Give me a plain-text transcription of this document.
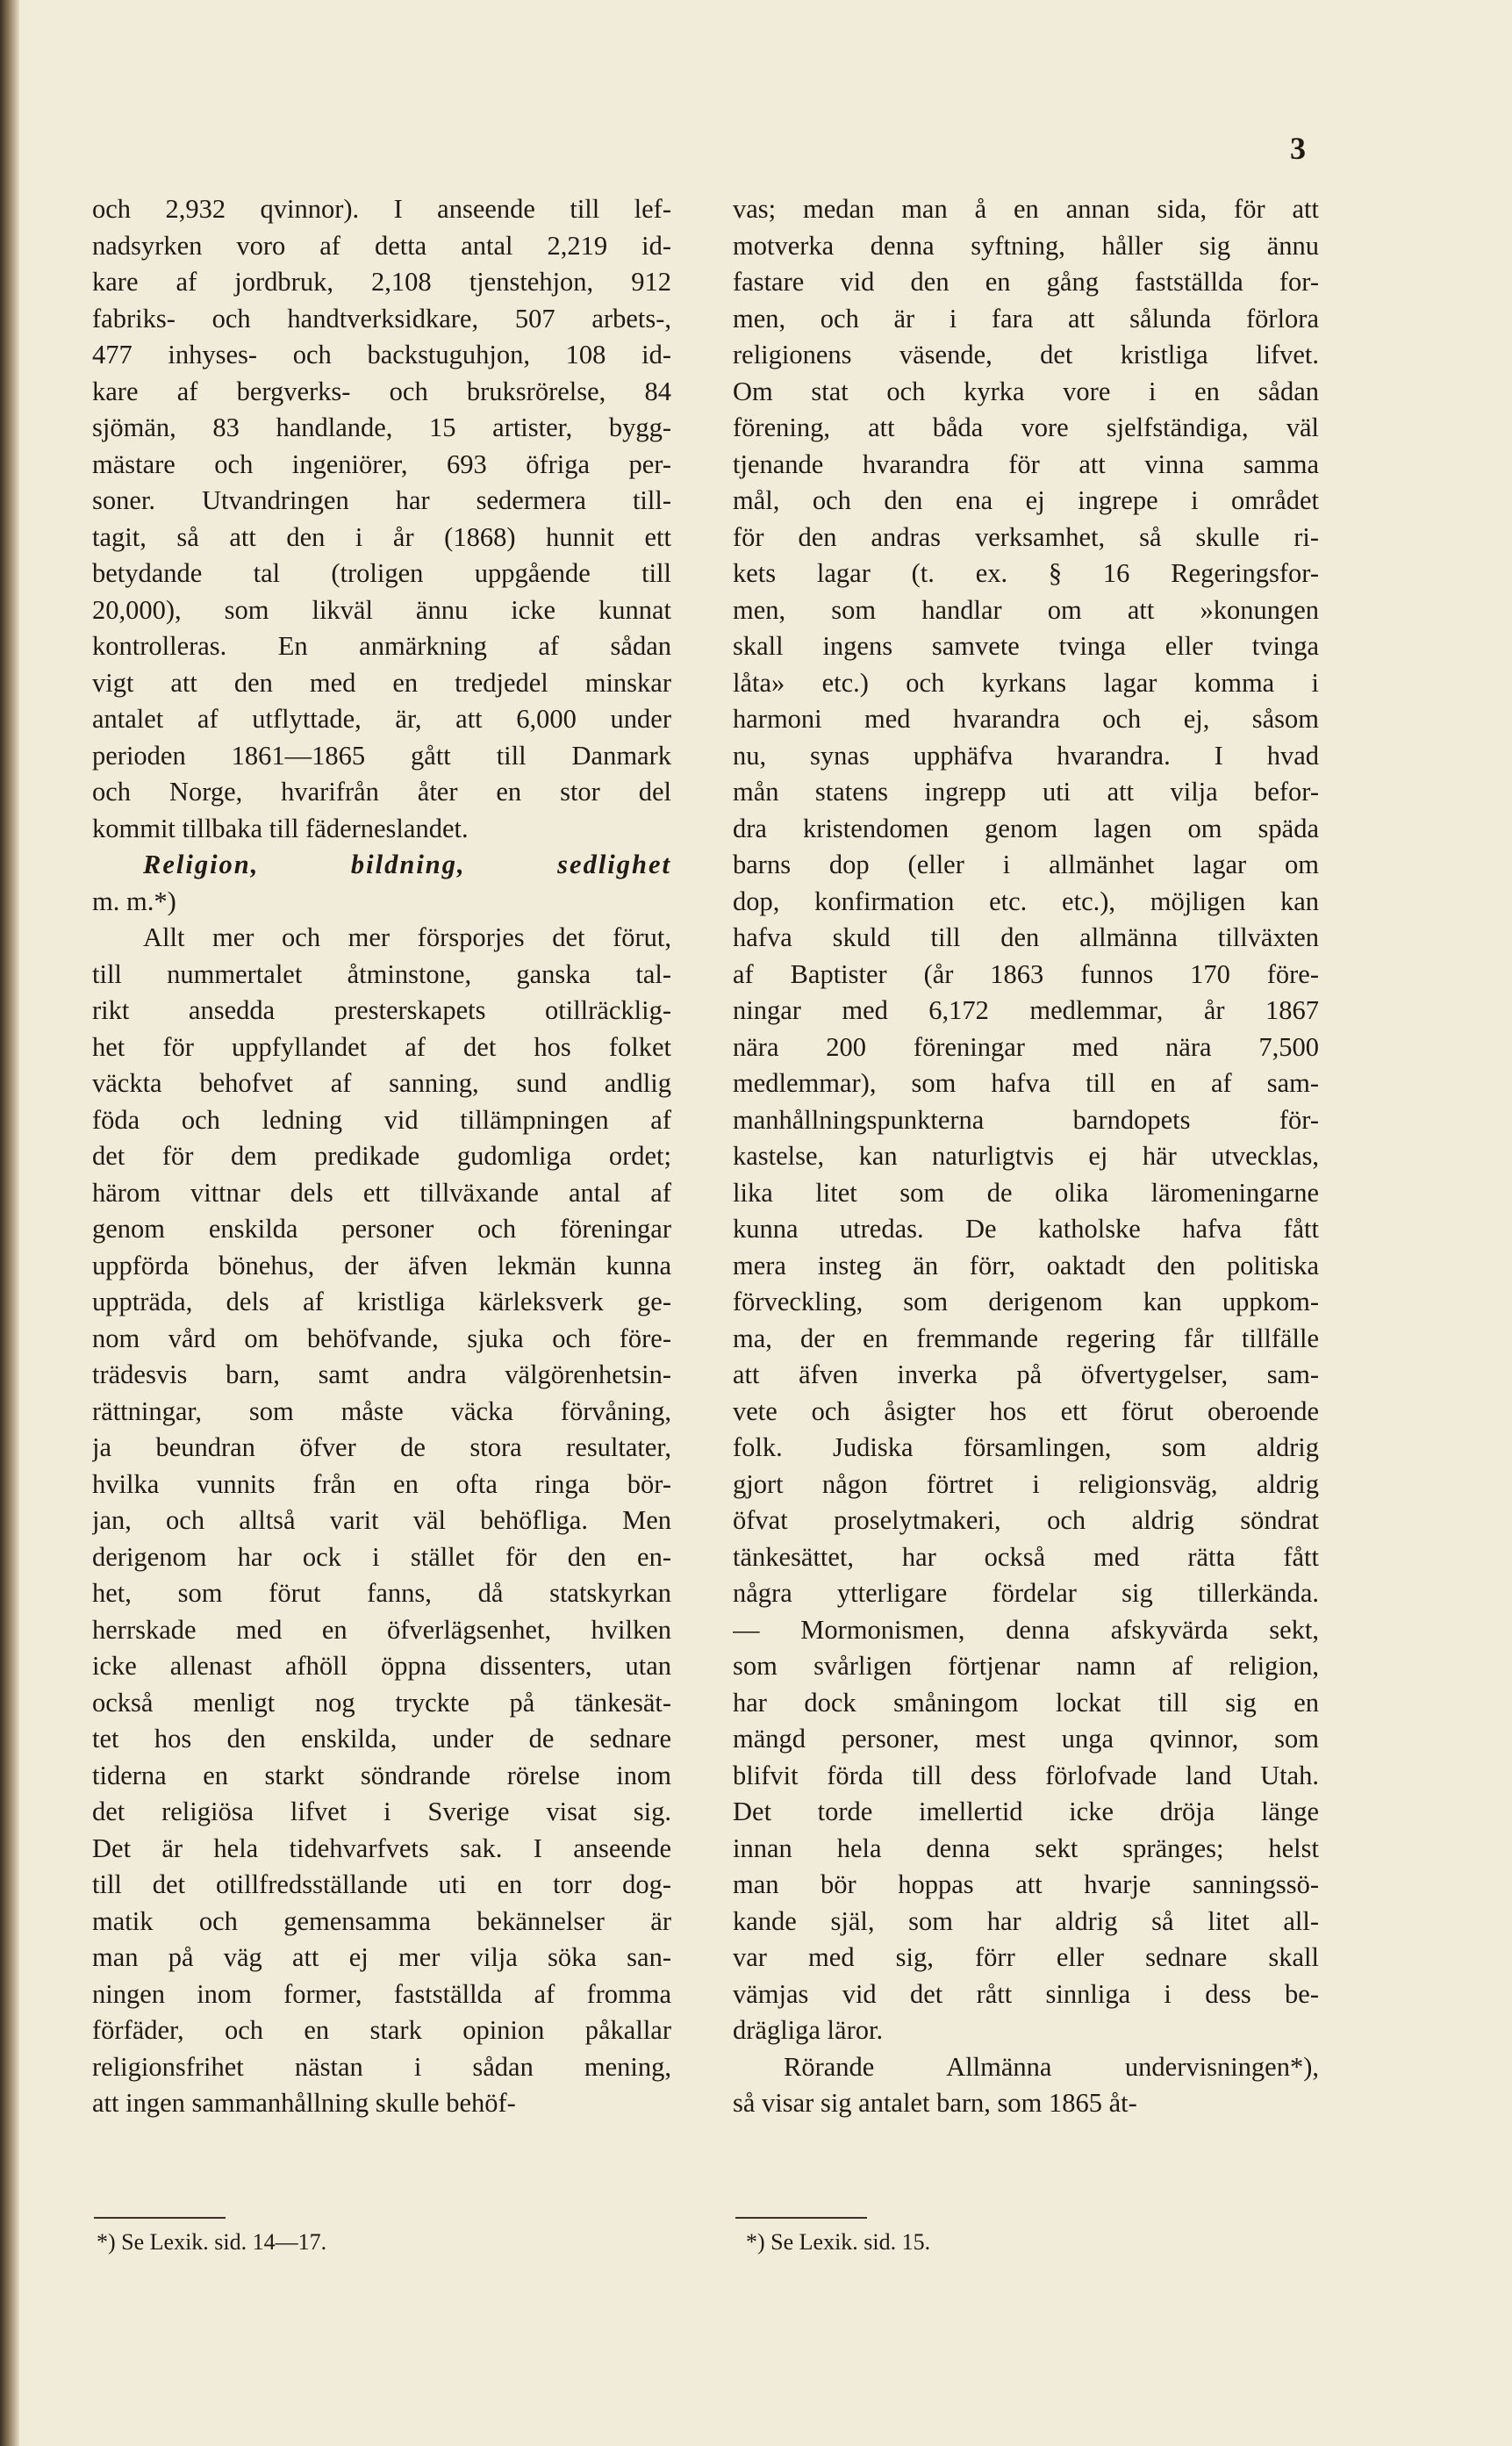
3
och 2,932 qvinnor). I anseende till lef-
nadsyrken voro af detta antal 2,219 id-
kare af jordbruk, 2,108 tjenstehjon, 912
fabriks- och handtverksidkare, 507 arbets-,
477 inhyses- och backstuguhjon, 108 id-
kare af bergverks- och bruksrörelse, 84
sjömän, 83 handlande, 15 artister, bygg-
mästare och ingeniörer, 693 öfriga per-
soner. Utvandringen har sedermera till-
tagit, så att den i år (1868) hunnit ett
betydande tal (troligen uppgående till
20,000), som likväl ännu icke kunnat
kontrolleras. En anmärkning af sådan
vigt att den med en tredjedel minskar
antalet af utflyttade, är, att 6,000 under
perioden 1861—1865 gått till Danmark
och Norge, hvarifrån åter en stor del
kommit tillbaka till fäderneslandet.
Religion, bildning, sedlighet
m. m.*)
Allt mer och mer försporjes det förut,
till nummertalet åtminstone, ganska tal-
rikt ansedda presterskapets otillräcklig-
het för uppfyllandet af det hos folket
väckta behofvet af sanning, sund andlig
föda och ledning vid tillämpningen af
det för dem predikade gudomliga ordet;
härom vittnar dels ett tillväxande antal af
genom enskilda personer och föreningar
uppförda bönehus, der äfven lekmän kunna
uppträda, dels af kristliga kärleksverk ge-
nom vård om behöfvande, sjuka och före-
trädesvis barn, samt andra välgörenhetsin-
rättningar, som måste väcka förvåning,
ja beundran öfver de stora resultater,
hvilka vunnits från en ofta ringa bör-
jan, och alltså varit väl behöfliga. Men
derigenom har ock i stället för den en-
het, som förut fanns, då statskyrkan
herrskade med en öfverlägsenhet, hvilken
icke allenast afhöll öppna dissenters, utan
också menligt nog tryckte på tänkesät-
tet hos den enskilda, under de sednare
tiderna en starkt söndrande rörelse inom
det religiösa lifvet i Sverige visat sig.
Det är hela tidehvarfvets sak. I anseende
till det otillfredsställande uti en torr dog-
matik och gemensamma bekännelser är
man på väg att ej mer vilja söka san-
ningen inom former, fastställda af fromma
förfäder, och en stark opinion påkallar
religionsfrihet nästan i sådan mening,
att ingen sammanhållning skulle behöf-
vas; medan man å en annan sida, för att
motverka denna syftning, håller sig ännu
fastare vid den en gång fastställda for-
men, och är i fara att sålunda förlora
religionens väsende, det kristliga lifvet.
Om stat och kyrka vore i en sådan
förening, att båda vore sjelfständiga, väl
tjenande hvarandra för att vinna samma
mål, och den ena ej ingrepe i området
för den andras verksamhet, så skulle ri-
kets lagar (t. ex. § 16 Regeringsfor-
men, som handlar om att »konungen
skall ingens samvete tvinga eller tvinga
låta» etc.) och kyrkans lagar komma i
harmoni med hvarandra och ej, såsom
nu, synas upphäfva hvarandra. I hvad
mån statens ingrepp uti att vilja befor-
dra kristendomen genom lagen om späda
barns dop (eller i allmänhet lagar om
dop, konfirmation etc. etc.), möjligen kan
hafva skuld till den allmänna tillväxten
af Baptister (år 1863 funnos 170 före-
ningar med 6,172 medlemmar, år 1867
nära 200 föreningar med nära 7,500
medlemmar), som hafva till en af sam-
manhållningspunkterna barndopets för-
kastelse, kan naturligtvis ej här utvecklas,
lika litet som de olika läromeningarne
kunna utredas. De katholske hafva fått
mera insteg än förr, oaktadt den politiska
förveckling, som derigenom kan uppkom-
ma, der en fremmande regering får tillfälle
att äfven inverka på öfvertygelser, sam-
vete och åsigter hos ett förut oberoende
folk. Judiska församlingen, som aldrig
gjort någon förtret i religionsväg, aldrig
öfvat proselytmakeri, och aldrig söndrat
tänkesättet, har också med rätta fått
några ytterligare fördelar sig tillerkända.
— Mormonismen, denna afskyvärda sekt,
som svårligen förtjenar namn af religion,
har dock småningom lockat till sig en
mängd personer, mest unga qvinnor, som
blifvit förda till dess förlofvade land Utah.
Det torde imellertid icke dröja länge
innan hela denna sekt spränges; helst
man bör hoppas att hvarje sanningssö-
kande själ, som har aldrig så litet all-
var med sig, förr eller sednare skall
vämjas vid det rått sinnliga i dess be-
drägliga läror.
Rörande Allmänna undervisningen*),
så visar sig antalet barn, som 1865 åt-
*) Se Lexik. sid. 14—17.	*) Se Lexik. sid. 15.
